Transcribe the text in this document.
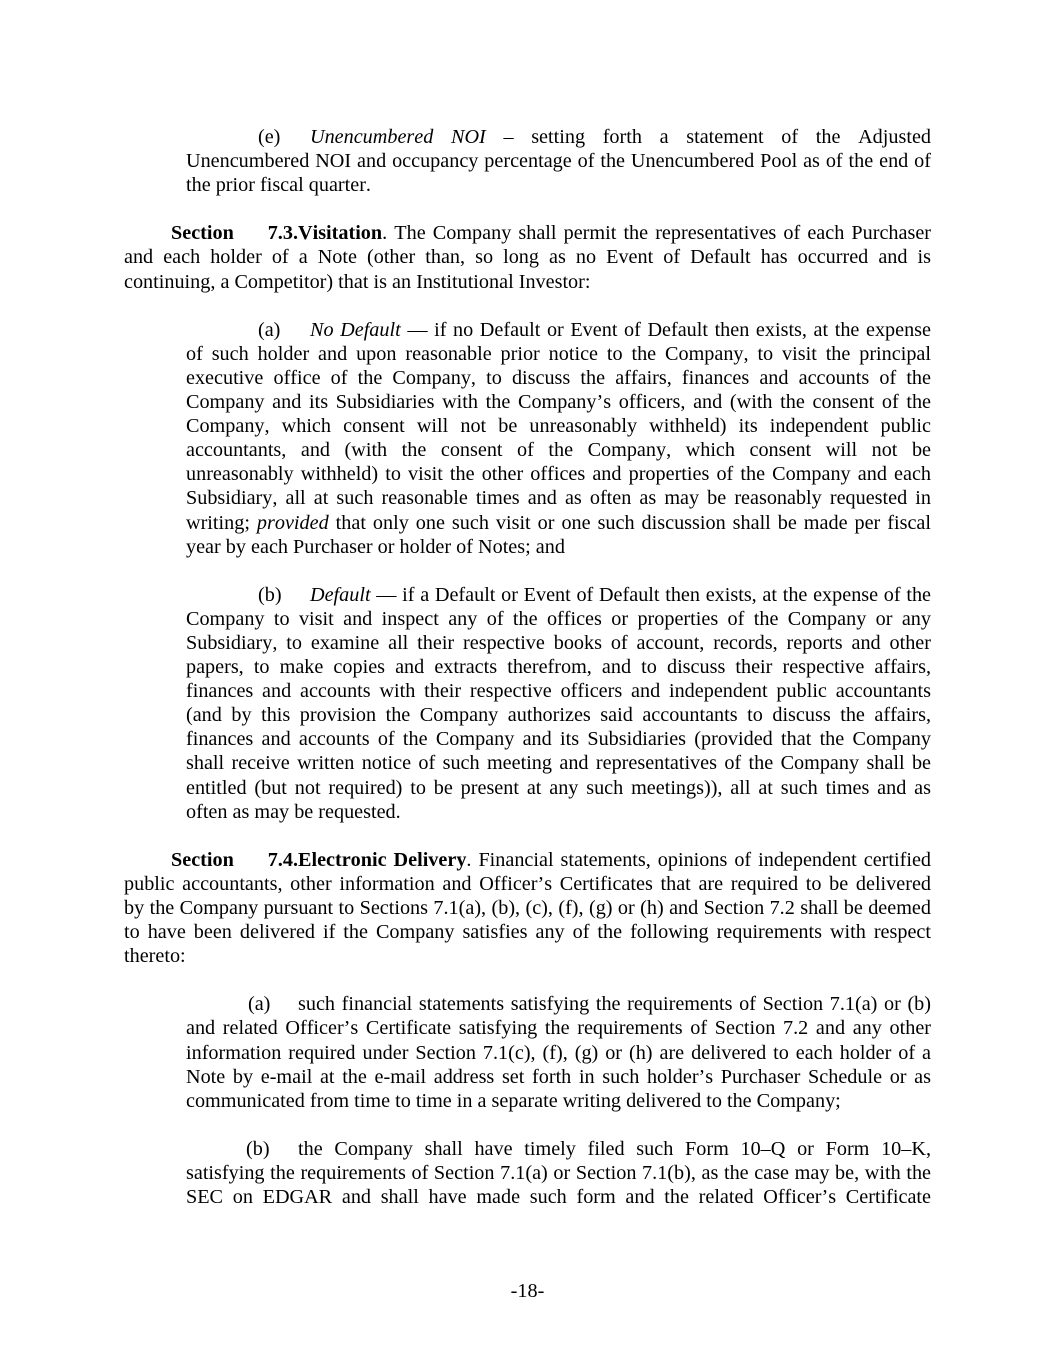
(e) Unencumbered NOI – setting forth a statement of the Adjusted
Unencumbered NOI and occupancy percentage of the Unencumbered Pool as of the end of
the prior fiscal quarter.
Section 7.3.Visitation. The Company shall permit the representatives of each Purchaser
and each holder of a Note (other than, so long as no Event of Default has occurred and is
continuing, a Competitor) that is an Institutional Investor:
(a) No Default — if no Default or Event of Default then exists, at the expense
of such holder and upon reasonable prior notice to the Company, to visit the principal
executive office of the Company, to discuss the affairs, finances and accounts of the
Company and its Subsidiaries with the Company’s officers, and (with the consent of the
Company, which consent will not be unreasonably withheld) its independent public
accountants, and (with the consent of the Company, which consent will not be
unreasonably withheld) to visit the other offices and properties of the Company and each
Subsidiary, all at such reasonable times and as often as may be reasonably requested in
writing; provided that only one such visit or one such discussion shall be made per fiscal
year by each Purchaser or holder of Notes; and
(b) Default — if a Default or Event of Default then exists, at the expense of the
Company to visit and inspect any of the offices or properties of the Company or any
Subsidiary, to examine all their respective books of account, records, reports and other
papers, to make copies and extracts therefrom, and to discuss their respective affairs,
finances and accounts with their respective officers and independent public accountants
(and by this provision the Company authorizes said accountants to discuss the affairs,
finances and accounts of the Company and its Subsidiaries (provided that the Company
shall receive written notice of such meeting and representatives of the Company shall be
entitled (but not required) to be present at any such meetings)), all at such times and as
often as may be requested.
Section 7.4.Electronic Delivery. Financial statements, opinions of independent certified
public accountants, other information and Officer’s Certificates that are required to be delivered
by the Company pursuant to Sections 7.1(a), (b), (c), (f), (g) or (h) and Section 7.2 shall be deemed
to have been delivered if the Company satisfies any of the following requirements with respect
thereto:
(a) such financial statements satisfying the requirements of Section 7.1(a) or (b)
and related Officer’s Certificate satisfying the requirements of Section 7.2 and any other
information required under Section 7.1(c), (f), (g) or (h) are delivered to each holder of a
Note by e-mail at the e-mail address set forth in such holder’s Purchaser Schedule or as
communicated from time to time in a separate writing delivered to the Company;
(b) the Company shall have timely filed such Form 10–Q or Form 10–K,
satisfying the requirements of Section 7.1(a) or Section 7.1(b), as the case may be, with the
SEC on EDGAR and shall have made such form and the related Officer’s Certificate
-18-
